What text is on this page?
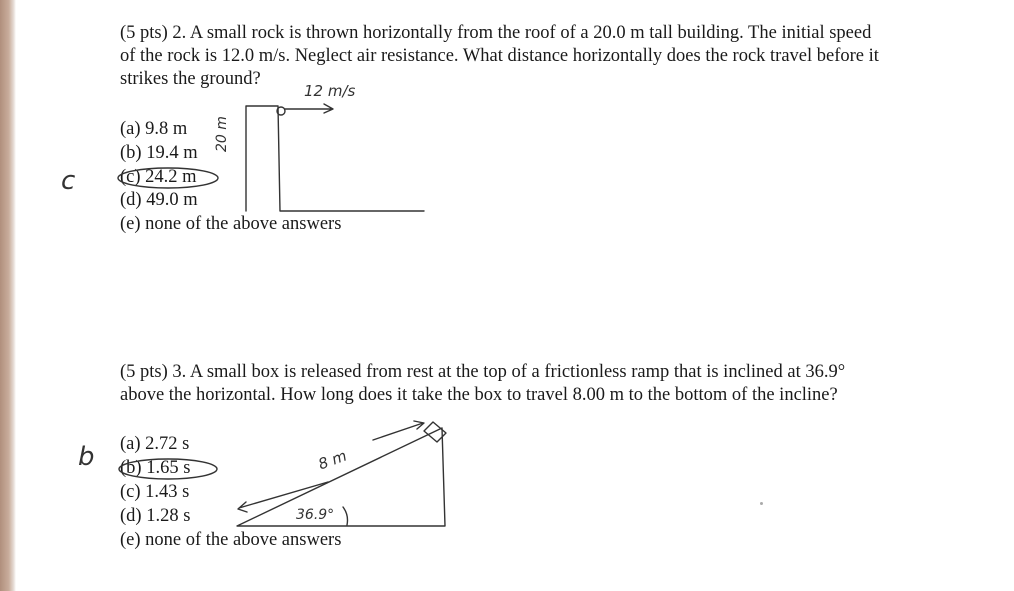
(5 pts) 2. A small rock is thrown horizontally from the roof of a 20.0 m tall building. The initial speed
of the rock is 12.0 m/s. Neglect air resistance. What distance horizontally does the rock travel before it
strikes the ground?
(a) 9.8 m
(b) 19.4 m
(c) 24.2 m
(d) 49.0 m
(e) none of the above answers
c
12 m/s
20 m
(5 pts) 3. A small box is released from rest at the top of a frictionless ramp that is inclined at 36.9°
above the horizontal. How long does it take the box to travel 8.00 m to the bottom of the incline?
(a) 2.72 s
(b) 1.65 s
(c) 1.43 s
(d) 1.28 s
(e) none of the above answers
b	8 m
36.9°
